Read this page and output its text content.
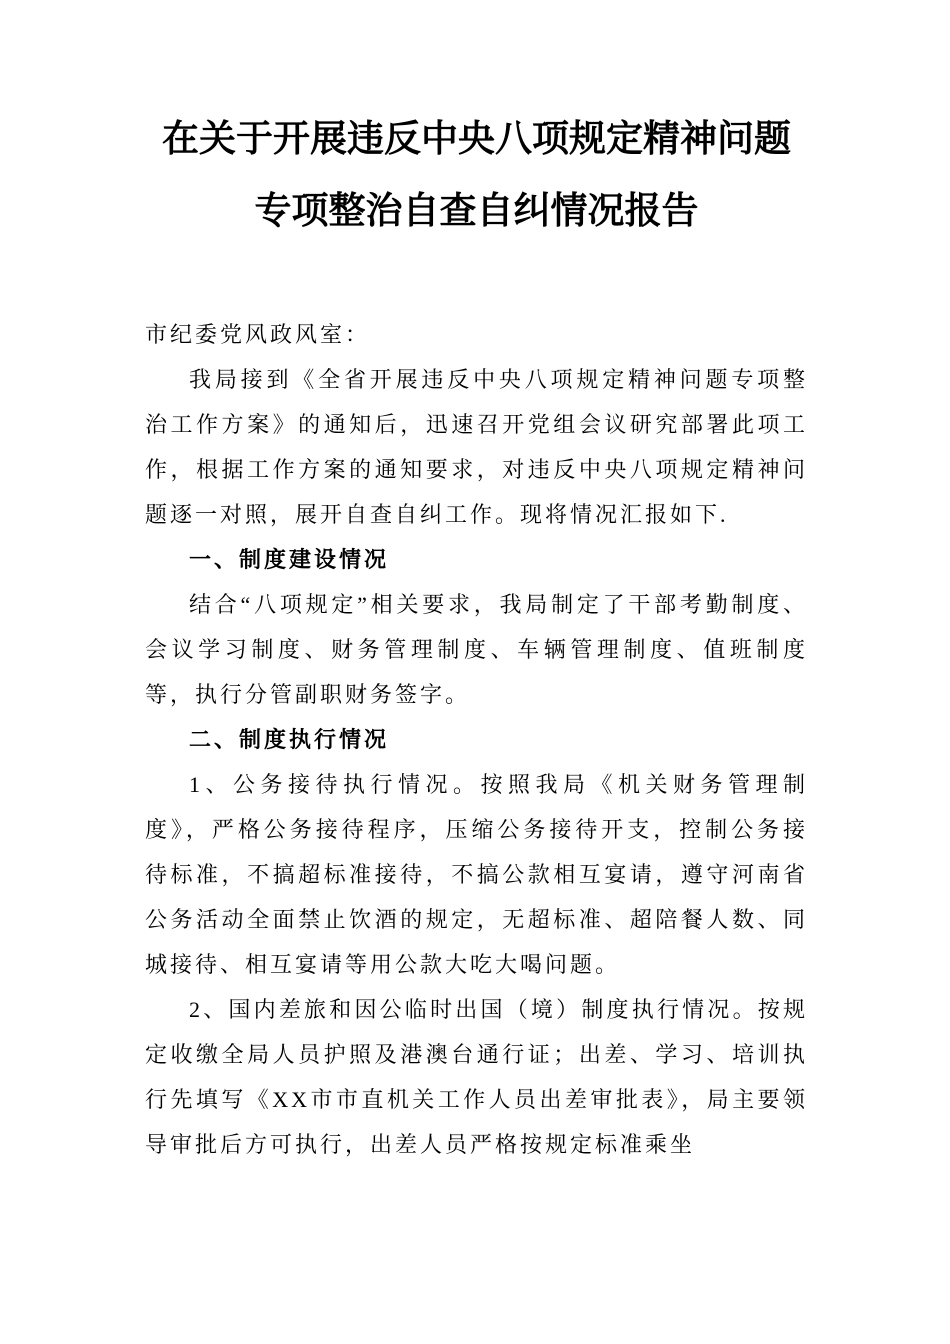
在关于开展违反中央八项规定精神问题专项整治自查自纠情况报告

市纪委党风政风室：

我局接到《全省开展违反中央八项规定精神问题专项整治工作方案》的通知后，迅速召开党组会议研究部署此项工作，根据工作方案的通知要求，对违反中央八项规定精神问题逐一对照，展开自查自纠工作。现将情况汇报如下.

一、制度建设情况

结合“八项规定”相关要求，我局制定了干部考勤制度、会议学习制度、财务管理制度、车辆管理制度、值班制度等，执行分管副职财务签字。

二、制度执行情况

1、公务接待执行情况。按照我局《机关财务管理制度》，严格公务接待程序，压缩公务接待开支，控制公务接待标准，不搞超标准接待，不搞公款相互宴请，遵守河南省公务活动全面禁止饮酒的规定，无超标准、超陪餐人数、同城接待、相互宴请等用公款大吃大喝问题。

2、国内差旅和因公临时出国（境）制度执行情况。按规定收缴全局人员护照及港澳台通行证；出差、学习、培训执行先填写《XX市市直机关工作人员出差审批表》，局主要领导审批后方可执行，出差人员严格按规定标准乘坐
